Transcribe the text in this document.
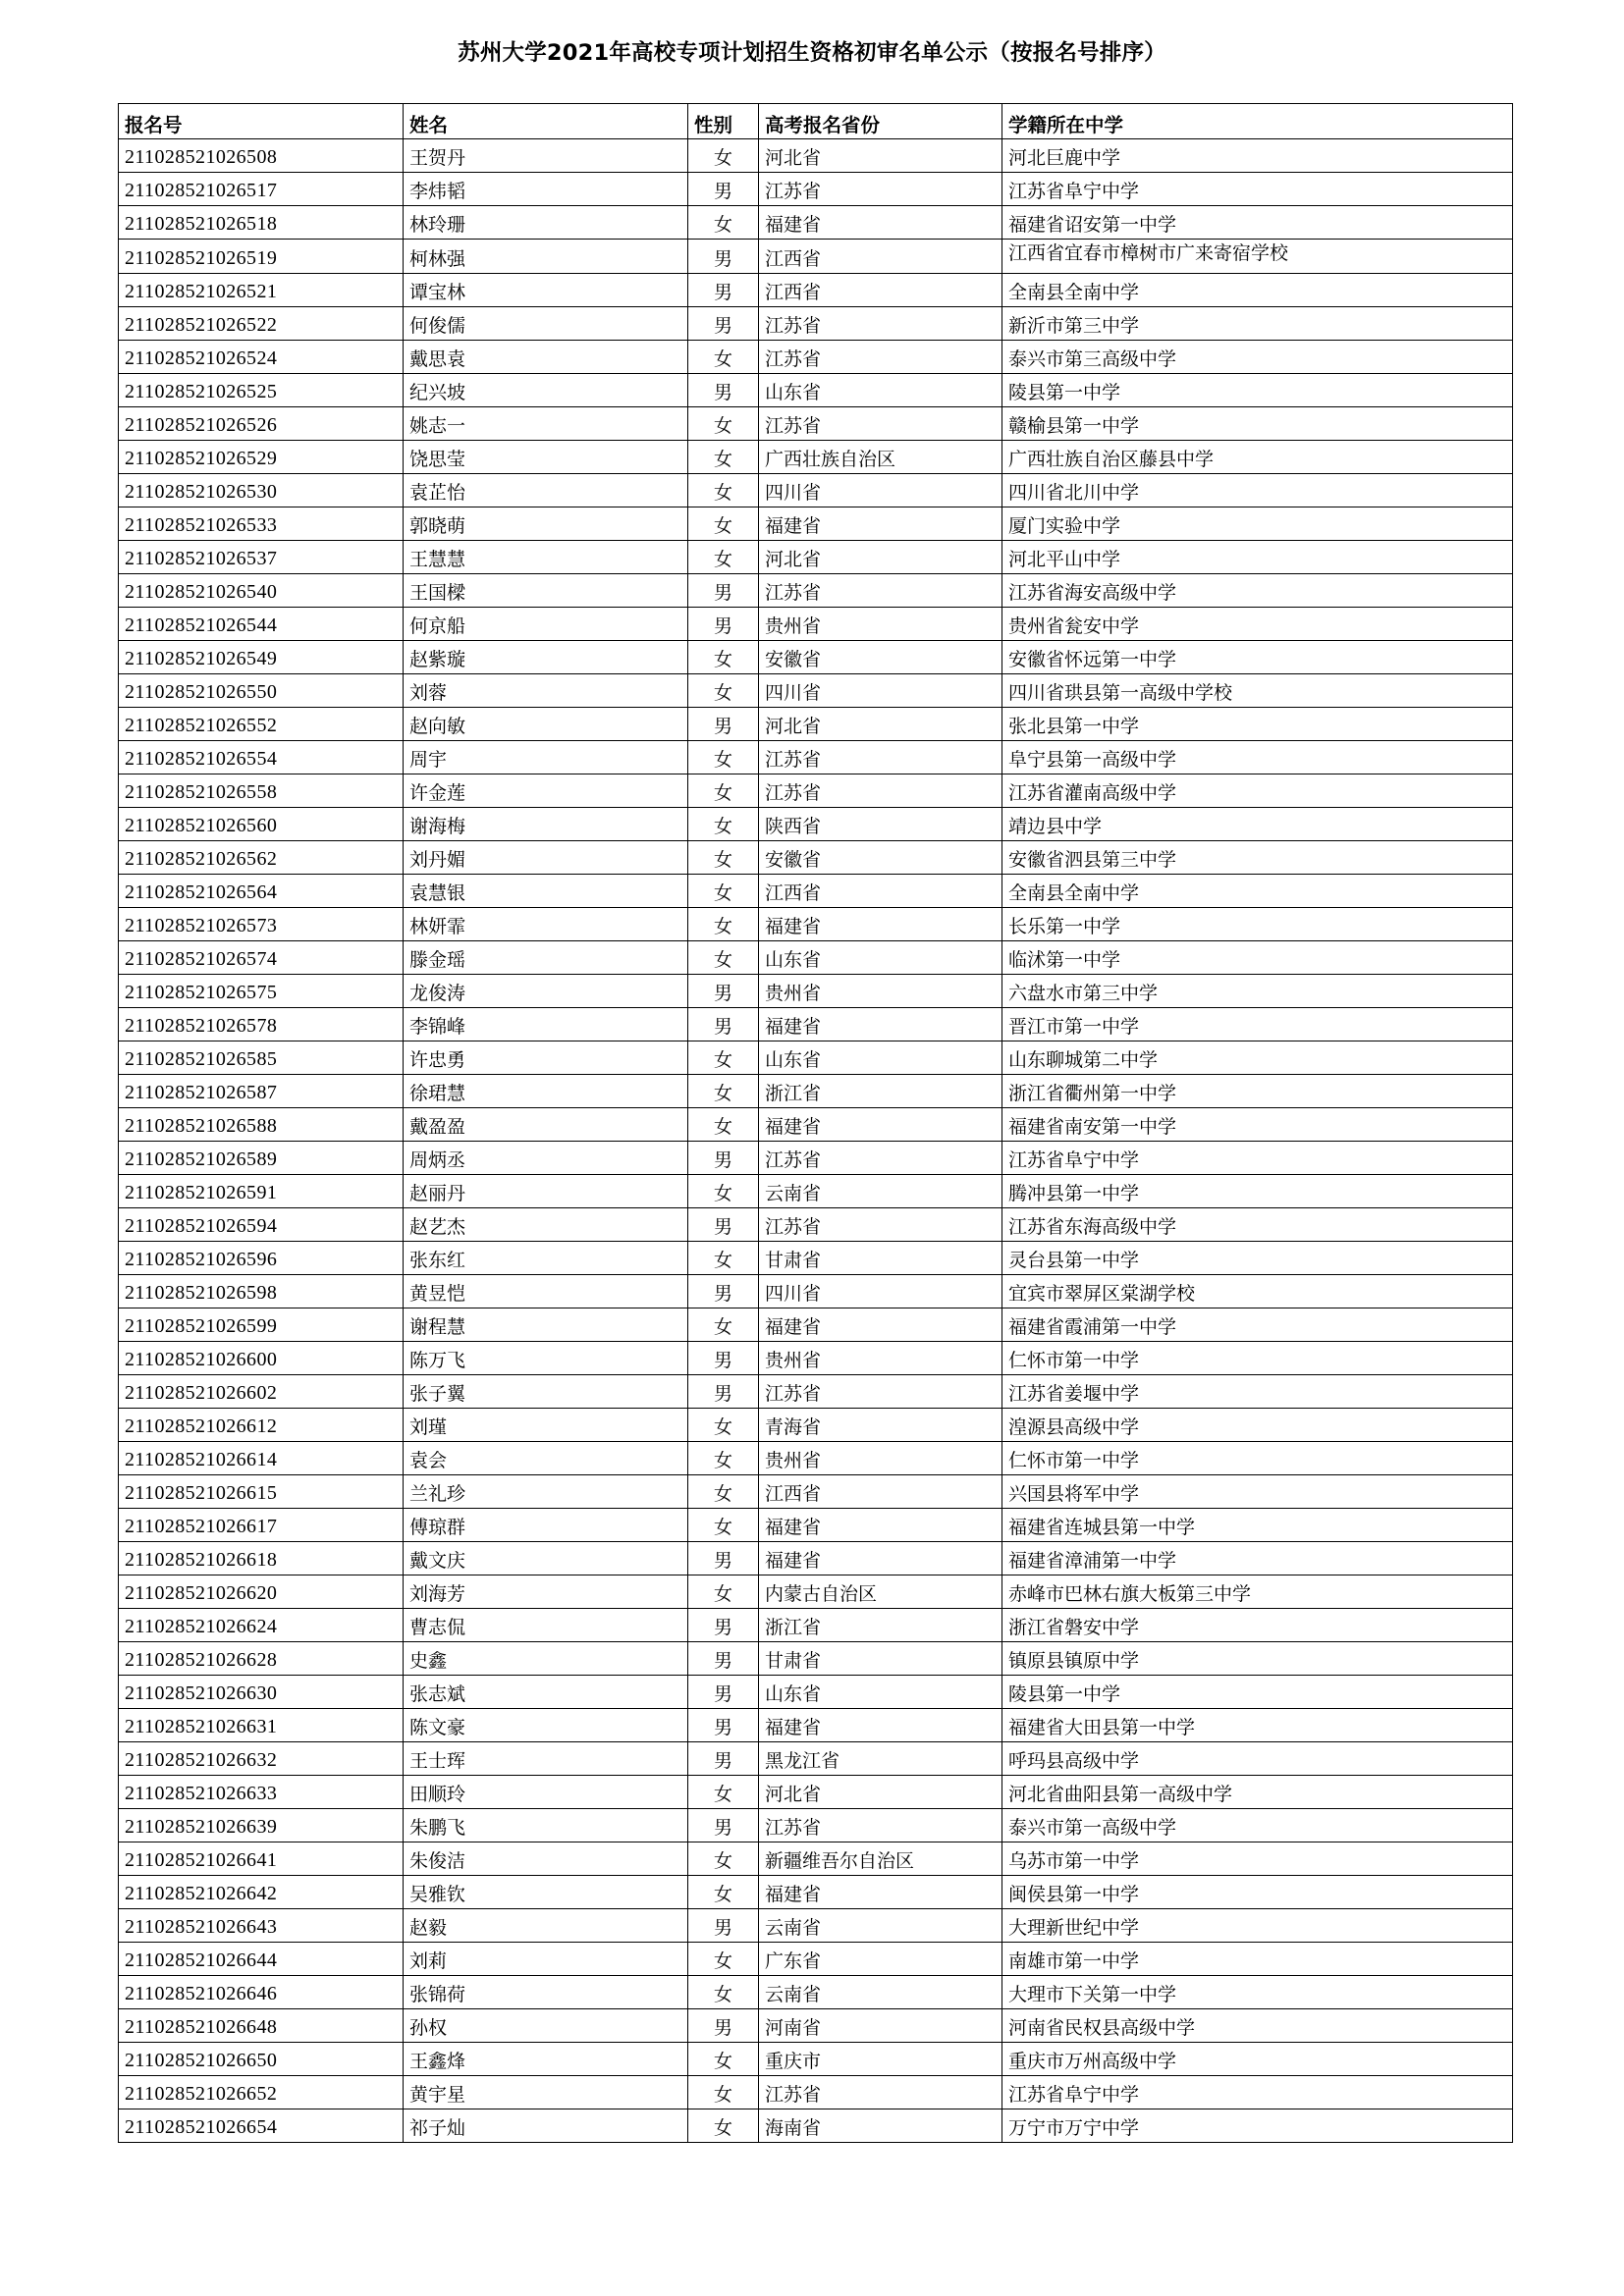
苏州大学2021年高校专项计划招生资格初审名单公示（按报名号排序）
报名号	姓名	性别	高考报名省份	学籍所在中学
211028521026508	王贺丹	女	河北省	河北巨鹿中学
211028521026517	李炜韬	男	江苏省	江苏省阜宁中学
211028521026518	林玲珊	女	福建省	福建省诏安第一中学
211028521026519	柯林强	男	江西省	江西省宜春市樟树市广来寄宿学校
211028521026521	谭宝林	男	江西省	全南县全南中学
211028521026522	何俊儒	男	江苏省	新沂市第三中学
211028521026524	戴思袁	女	江苏省	泰兴市第三高级中学
211028521026525	纪兴坡	男	山东省	陵县第一中学
211028521026526	姚志一	女	江苏省	赣榆县第一中学
211028521026529	饶思莹	女	广西壮族自治区	广西壮族自治区藤县中学
211028521026530	袁芷怡	女	四川省	四川省北川中学
211028521026533	郭晓萌	女	福建省	厦门实验中学
211028521026537	王慧慧	女	河北省	河北平山中学
211028521026540	王国樑	男	江苏省	江苏省海安高级中学
211028521026544	何京船	男	贵州省	贵州省瓮安中学
211028521026549	赵紫璇	女	安徽省	安徽省怀远第一中学
211028521026550	刘蓉	女	四川省	四川省珙县第一高级中学校
211028521026552	赵向敏	男	河北省	张北县第一中学
211028521026554	周宇	女	江苏省	阜宁县第一高级中学
211028521026558	许金莲	女	江苏省	江苏省灌南高级中学
211028521026560	谢海梅	女	陕西省	靖边县中学
211028521026562	刘丹媚	女	安徽省	安徽省泗县第三中学
211028521026564	袁慧银	女	江西省	全南县全南中学
211028521026573	林妍霏	女	福建省	长乐第一中学
211028521026574	滕金瑶	女	山东省	临沭第一中学
211028521026575	龙俊涛	男	贵州省	六盘水市第三中学
211028521026578	李锦峰	男	福建省	晋江市第一中学
211028521026585	许忠勇	女	山东省	山东聊城第二中学
211028521026587	徐珺慧	女	浙江省	浙江省衢州第一中学
211028521026588	戴盈盈	女	福建省	福建省南安第一中学
211028521026589	周炳丞	男	江苏省	江苏省阜宁中学
211028521026591	赵丽丹	女	云南省	腾冲县第一中学
211028521026594	赵艺杰	男	江苏省	江苏省东海高级中学
211028521026596	张东红	女	甘肃省	灵台县第一中学
211028521026598	黄昱恺	男	四川省	宜宾市翠屏区棠湖学校
211028521026599	谢程慧	女	福建省	福建省霞浦第一中学
211028521026600	陈万飞	男	贵州省	仁怀市第一中学
211028521026602	张子翼	男	江苏省	江苏省姜堰中学
211028521026612	刘瑾	女	青海省	湟源县高级中学
211028521026614	袁会	女	贵州省	仁怀市第一中学
211028521026615	兰礼珍	女	江西省	兴国县将军中学
211028521026617	傅琼群	女	福建省	福建省连城县第一中学
211028521026618	戴文庆	男	福建省	福建省漳浦第一中学
211028521026620	刘海芳	女	内蒙古自治区	赤峰市巴林右旗大板第三中学
211028521026624	曹志侃	男	浙江省	浙江省磐安中学
211028521026628	史鑫	男	甘肃省	镇原县镇原中学
211028521026630	张志斌	男	山东省	陵县第一中学
211028521026631	陈文豪	男	福建省	福建省大田县第一中学
211028521026632	王士珲	男	黑龙江省	呼玛县高级中学
211028521026633	田顺玲	女	河北省	河北省曲阳县第一高级中学
211028521026639	朱鹏飞	男	江苏省	泰兴市第一高级中学
211028521026641	朱俊洁	女	新疆维吾尔自治区	乌苏市第一中学
211028521026642	吴雅钦	女	福建省	闽侯县第一中学
211028521026643	赵毅	男	云南省	大理新世纪中学
211028521026644	刘莉	女	广东省	南雄市第一中学
211028521026646	张锦荷	女	云南省	大理市下关第一中学
211028521026648	孙权	男	河南省	河南省民权县高级中学
211028521026650	王鑫烽	女	重庆市	重庆市万州高级中学
211028521026652	黄宇星	女	江苏省	江苏省阜宁中学
211028521026654	祁子灿	女	海南省	万宁市万宁中学
